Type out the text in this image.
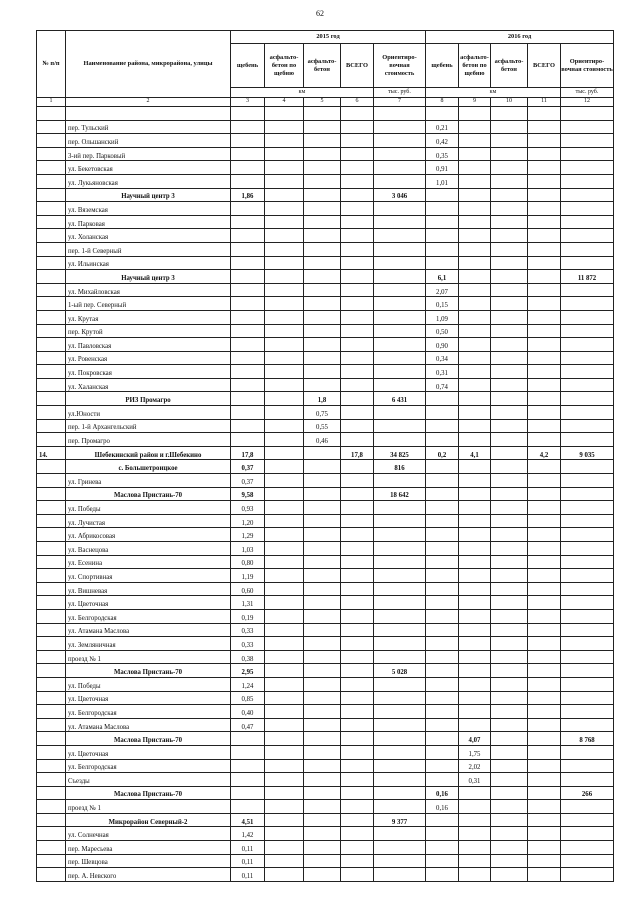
62
№ п/п	Наименование района, микрорайона, улицы	2015 год					2016 год				
		щебень	асфальто-бетон по щебню	асфальто-бетон	ВСЕГО	Ориентиро-вочная стоимость	щебень	асфальто-бетон по щебню	асфальто-бетон	ВСЕГО	Ориентиро-вочная стоимость
		км				тыс. руб.	км				тыс. руб.
1	2	3	4	5	6	7	8	9	10	11	12

	пер. Тульский						0,21				
	пер. Ольшанский						0,42				
	3-ий пер. Парковый						0,35				
	ул. Бекетовская						0,91				
	ул. Лукьяновская						1,01				
	Научный центр 3	1,86				3 046					
	ул. Вяземская										
	ул. Парковая										
	ул. Холанская										
	пер. 1-й Северный										
	ул. Ильинская										
	Научный центр 3						6,1				11 872
	ул. Михайловская						2,07				
	1-ый пер. Северный						0,15				
	ул. Крутая						1,09				
	пер. Крутой						0,50				
	ул. Павловская						0,90				
	ул. Ровенская						0,34				
	ул. Покровская						0,31				
	ул. Халанская						0,74				
	РИЗ Промагро			1,8		6 431					
	ул.Юности			0,75							
	пер. 1-й Архангельский			0,55							
	пер. Промагро			0,46							
14.	Шебекинский район и г.Шебекино	17,8			17,8	34 825	0,2	4,1		4,2	9 035
	с. Большетроицкое	0,37				816					
	ул. Гринева	0,37									
	Маслова Пристань-70	9,58				18 642					
	ул. Победы	0,93									
	ул. Лучистая	1,20									
	ул. Абрикосовая	1,29									
	ул. Васнецова	1,03									
	ул. Есенина	0,80									
	ул. Спортивная	1,19									
	ул. Вишневая	0,60									
	ул. Цветочная	1,31									
	ул. Белгородская	0,19									
	ул. Атамана Маслова	0,33									
	ул. Земляничная	0,33									
	проезд № 1	0,38									
	Маслова Пристань-70	2,95				5 028					
	ул. Победы	1,24									
	ул. Цветочная	0,85									
	ул. Белгородская	0,40									
	ул. Атамана Маслова	0,47									
	Маслова Пристань-70							4,07			8 768
	ул. Цветочная							1,75			
	ул. Белгородская							2,02			
	Съезды							0,31			
	Маслова Пристань-70						0,16				266
	проезд № 1						0,16				
	Микрорайон Северный-2	4,51				9 377					
	ул. Солнечная	1,42									
	пер. Маресьева	0,11									
	пер. Шевцова	0,11									
	пер. А. Невского	0,11									
